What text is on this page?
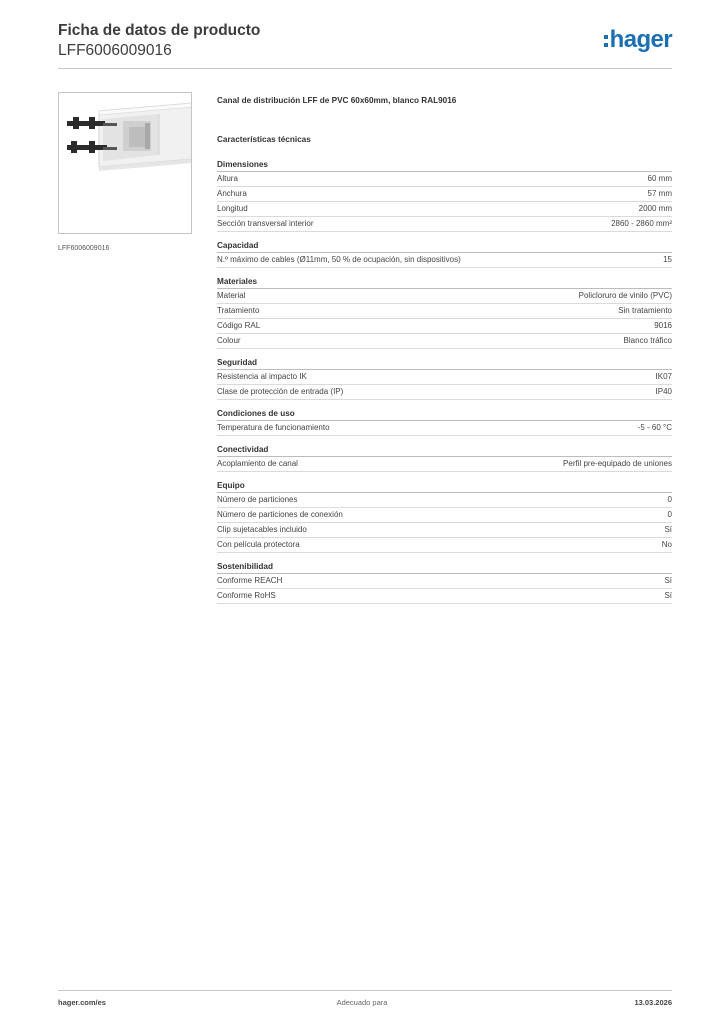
Ficha de datos de producto
LFF6006009016	hager
LFF6006009016
Canal de distribución LFF de PVC 60x60mm, blanco RAL9016
Características técnicas
Dimensiones
Altura	60 mm
Anchura	57 mm
Longitud	2000 mm
Sección transversal interior	2860 - 2860 mm²
Capacidad
N.º máximo de cables (Ø11mm, 50 % de ocupación, sin dispositivos)	15
Materiales
Material	Policloruro de vinilo (PVC)
Tratamiento	Sin tratamiento
Código RAL	9016
Colour	Blanco tráfico
Seguridad
Resistencia al impacto IK	IK07
Clase de protección de entrada (IP)	IP40
Condiciones de uso
Temperatura de funcionamiento	-5 - 60 °C
Conectividad
Acoplamiento de canal	Perfil pre-equipado de uniones
Equipo
Número de particiones	0
Número de particiones de conexión	0
Clip sujetacables incluido	Sí
Con película protectora	No
Sostenibilidad
Conforme REACH	Sí
Conforme RoHS	Sí
hager.com/es	Adecuado para	13.03.2026
